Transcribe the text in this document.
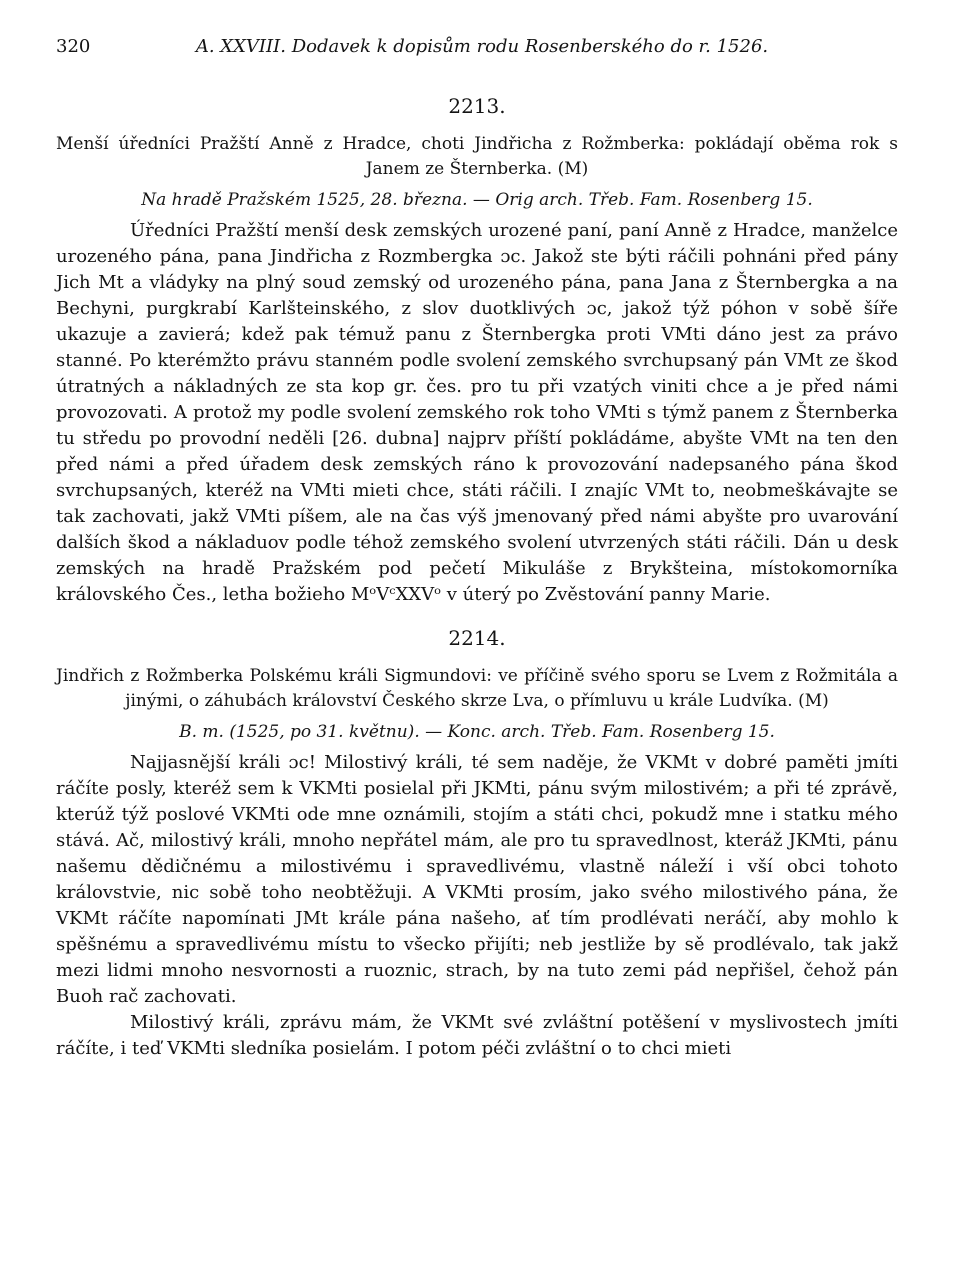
320	A. XXVIII. Dodavek k dopisům rodu Rosenberského do r. 1526.
2213.

Menší úředníci Pražští Anně z Hradce, choti Jindřicha z Rožmberka: pokládají oběma rok s Janem ze Šternberka. (M)

Na hradě Pražském 1525, 28. března. — Orig arch. Třeb. Fam. Rosenberg 15.

Úředníci Pražští menší desk zemských urozené paní, paní Anně z Hradce, manželce urozeného pána, pana Jindřicha z Rozmbergka ɔc. Jakož ste býti ráčili pohnáni před pány Jich Mt a vládyky na plný soud zemský od urozeného pána, pana Jana z Šternbergka a na Bechyni, purgkrabí Karlšteinského, z slov duotklivých ɔc, jakož týž póhon v sobě šíře ukazuje a zavierá; kdež pak témuž panu z Šternbergka proti VMti dáno jest za právo stanné. Po kterémžto právu stanném podle svolení zemského svrchupsaný pán VMt ze škod útratných a nákladných ze sta kop gr. čes. pro tu při vzatých viniti chce a je před námi provozovati. A protož my podle svolení zemského rok toho VMti s týmž panem z Šternberka tu středu po provodní neděli [26. dubna] najprv příští pokládáme, abyšte VMt na ten den před námi a před úřadem desk zemských ráno k provozování nadepsaného pána škod svrchupsaných, kteréž na VMti mieti chce, státi ráčili. I znajíc VMt to, neobmeškávajte se tak zachovati, jakž VMti píšem, ale na čas výš jmenovaný před námi abyšte pro uvarování dalších škod a nákladuov podle téhož zemského svolení utvrzených státi ráčili. Dán u desk zemských na hradě Pražském pod pečetí Mikuláše z Brykšteina, místokomorníka královského Čes., letha božieho MᵒVᶜXXVᵒ v úterý po Zvěstování panny Marie.

2214.

Jindřich z Rožmberka Polskému králi Sigmundovi: ve příčině svého sporu se Lvem z Rožmitála a jinými, o záhubách království Českého skrze Lva, o přímluvu u krále Ludvíka. (M)

B. m. (1525, po 31. květnu). — Konc. arch. Třeb. Fam. Rosenberg 15.

Najjasnější králi ɔc! Milostivý králi, té sem naděje, že VKMt v dobré paměti jmíti ráčíte posly, kteréž sem k VKMti posielal při JKMti, pánu svým milostivém; a při té zprávě, kterúž týž poslové VKMti ode mne oznámili, stojím a státi chci, pokudž mne i statku mého stává. Ač, milostivý králi, mnoho nepřátel mám, ale pro tu spravedlnost, kteráž JKMti, pánu našemu dědičnému a milostivému i spravedlivému, vlastně náleží i vší obci tohoto královstvie, nic sobě toho neobtěžuji. A VKMti prosím, jako svého milostivého pána, že VKMt ráčíte napomínati JMt krále pána našeho, ať tím prodlévati neráčí, aby mohlo k spěšnému a spravedlivému místu to všecko přijíti; neb jestliže by sě prodlévalo, tak jakž mezi lidmi mnoho nesvornosti a ruoznic, strach, by na tuto zemi pád nepřišel, čehož pán Buoh rač zachovati.

Milostivý králi, zprávu mám, že VKMt své zvláštní potěšení v myslivostech jmíti ráčíte, i teď VKMti sledníka posielám. I potom péči zvláštní o to chci mieti
